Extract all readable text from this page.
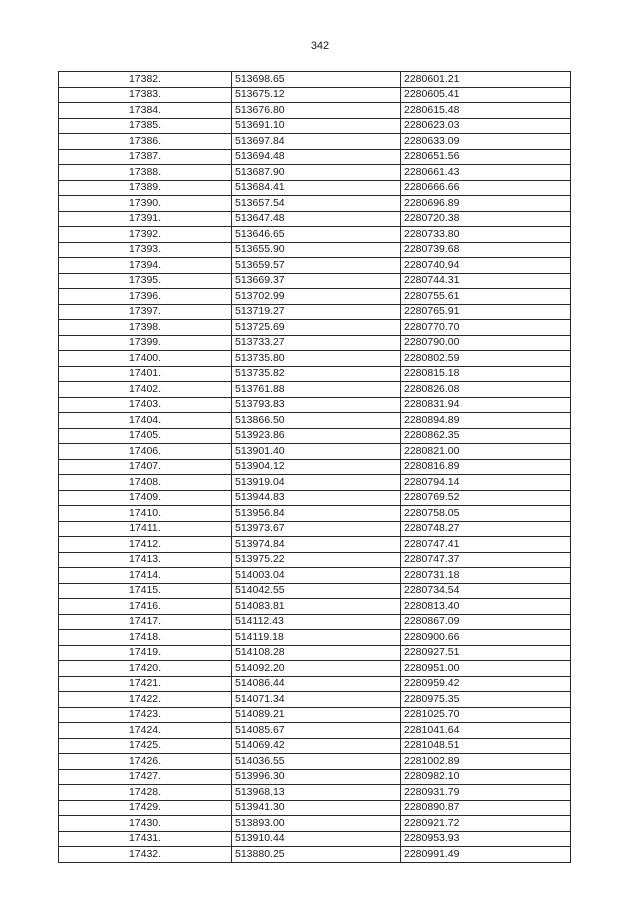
342
17382.	513698.65	2280601.21
17383.	513675.12	2280605.41
17384.	513676.80	2280615.48
17385.	513691.10	2280623.03
17386.	513697.84	2280633.09
17387.	513694.48	2280651.56
17388.	513687.90	2280661.43
17389.	513684.41	2280666.66
17390.	513657.54	2280696.89
17391.	513647.48	2280720.38
17392.	513646.65	2280733.80
17393.	513655.90	2280739.68
17394.	513659.57	2280740.94
17395.	513669.37	2280744.31
17396.	513702.99	2280755.61
17397.	513719.27	2280765.91
17398.	513725.69	2280770.70
17399.	513733.27	2280790.00
17400.	513735.80	2280802.59
17401.	513735.82	2280815.18
17402.	513761.88	2280826.08
17403.	513793.83	2280831.94
17404.	513866.50	2280894.89
17405.	513923.86	2280862.35
17406.	513901.40	2280821.00
17407.	513904.12	2280816.89
17408.	513919.04	2280794.14
17409.	513944.83	2280769.52
17410.	513956.84	2280758.05
17411.	513973.67	2280748.27
17412.	513974.84	2280747.41
17413.	513975.22	2280747.37
17414.	514003.04	2280731.18
17415.	514042.55	2280734.54
17416.	514083.81	2280813.40
17417.	514112.43	2280867.09
17418.	514119.18	2280900.66
17419.	514108.28	2280927.51
17420.	514092.20	2280951.00
17421.	514086.44	2280959.42
17422.	514071.34	2280975.35
17423.	514089.21	2281025.70
17424.	514085.67	2281041.64
17425.	514069.42	2281048.51
17426.	514036.55	2281002.89
17427.	513996.30	2280982.10
17428.	513968.13	2280931.79
17429.	513941.30	2280890.87
17430.	513893.00	2280921.72
17431.	513910.44	2280953.93
17432.	513880.25	2280991.49
